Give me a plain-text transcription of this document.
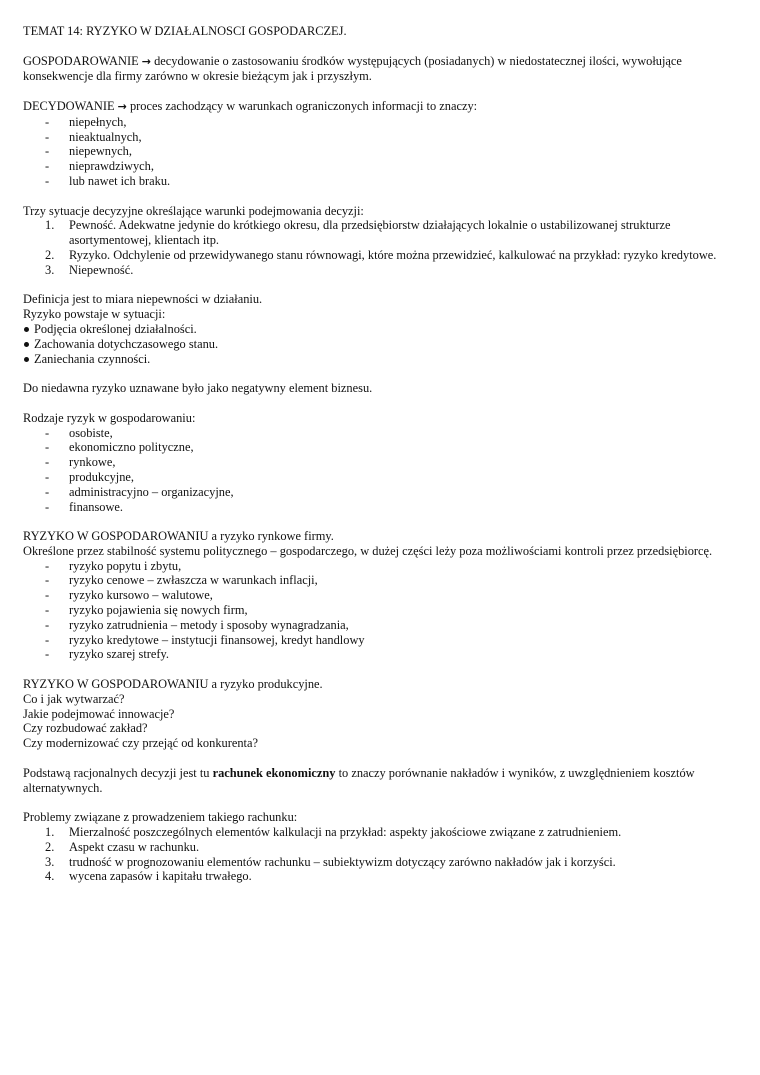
TEMAT 14: RYZYKO W DZIAŁALNOSCI GOSPODARCZEJ.

GOSPODAROWANIE → decydowanie o zastosowaniu środków występujących (posiadanych) w niedostatecznej ilości, wywołujące konsekwencje dla firmy zarówno w okresie bieżącym jak i przyszłym.

DECYDOWANIE → proces zachodzący w warunkach ograniczonych informacji to znaczy:

- niepełnych,
- nieaktualnych,
- niepewnych,
- nieprawdziwych,
- lub nawet ich braku.

Trzy sytuacje decyzyjne określające warunki podejmowania decyzji:

1. Pewność. Adekwatne jedynie do krótkiego okresu, dla przedsiębiorstw działających lokalnie o ustabilizowanej strukturze asortymentowej, klientach itp.
2. Ryzyko. Odchylenie od przewidywanego stanu równowagi, które można przewidzieć, kalkulować na przykład: ryzyko kredytowe.
3. Niepewność.

Definicja jest to miara niepewności w działaniu.

Ryzyko powstaje w sytuacji:

Podjęcia określonej działalności.
Zachowania dotychczasowego stanu.
Zaniechania czynności.

Do niedawna ryzyko uznawane było jako negatywny element biznesu.

Rodzaje ryzyk w gospodarowaniu:

- osobiste,
- ekonomiczno polityczne,
- rynkowe,
- produkcyjne,
- administracyjno – organizacyjne,
- finansowe.

RYZYKO W GOSPODAROWANIU a ryzyko rynkowe firmy.

Określone przez stabilność systemu politycznego – gospodarczego, w dużej części leży poza możliwościami kontroli przez przedsiębiorcę.

- ryzyko popytu i zbytu,
- ryzyko cenowe – zwłaszcza w warunkach inflacji,
- ryzyko kursowo – walutowe,
- ryzyko pojawienia się nowych firm,
- ryzyko zatrudnienia – metody i sposoby wynagradzania,
- ryzyko kredytowe – instytucji finansowej, kredyt handlowy
- ryzyko szarej strefy.

RYZYKO W GOSPODAROWANIU a ryzyko produkcyjne.

Co i jak wytwarzać?

Jakie podejmować innowacje?

Czy rozbudować zakład?

Czy modernizować czy przejąć od konkurenta?

Podstawą racjonalnych decyzji jest tu rachunek ekonomiczny to znaczy porównanie nakładów i wyników, z uwzględnieniem kosztów alternatywnych.

Problemy związane z prowadzeniem takiego rachunku:

1. Mierzalność poszczególnych elementów kalkulacji na przykład: aspekty jakościowe związane z zatrudnieniem.
2. Aspekt czasu w rachunku.
3. trudność w prognozowaniu elementów rachunku – subiektywizm dotyczący zarówno nakładów jak i korzyści.
4. wycena zapasów i kapitału trwałego.
